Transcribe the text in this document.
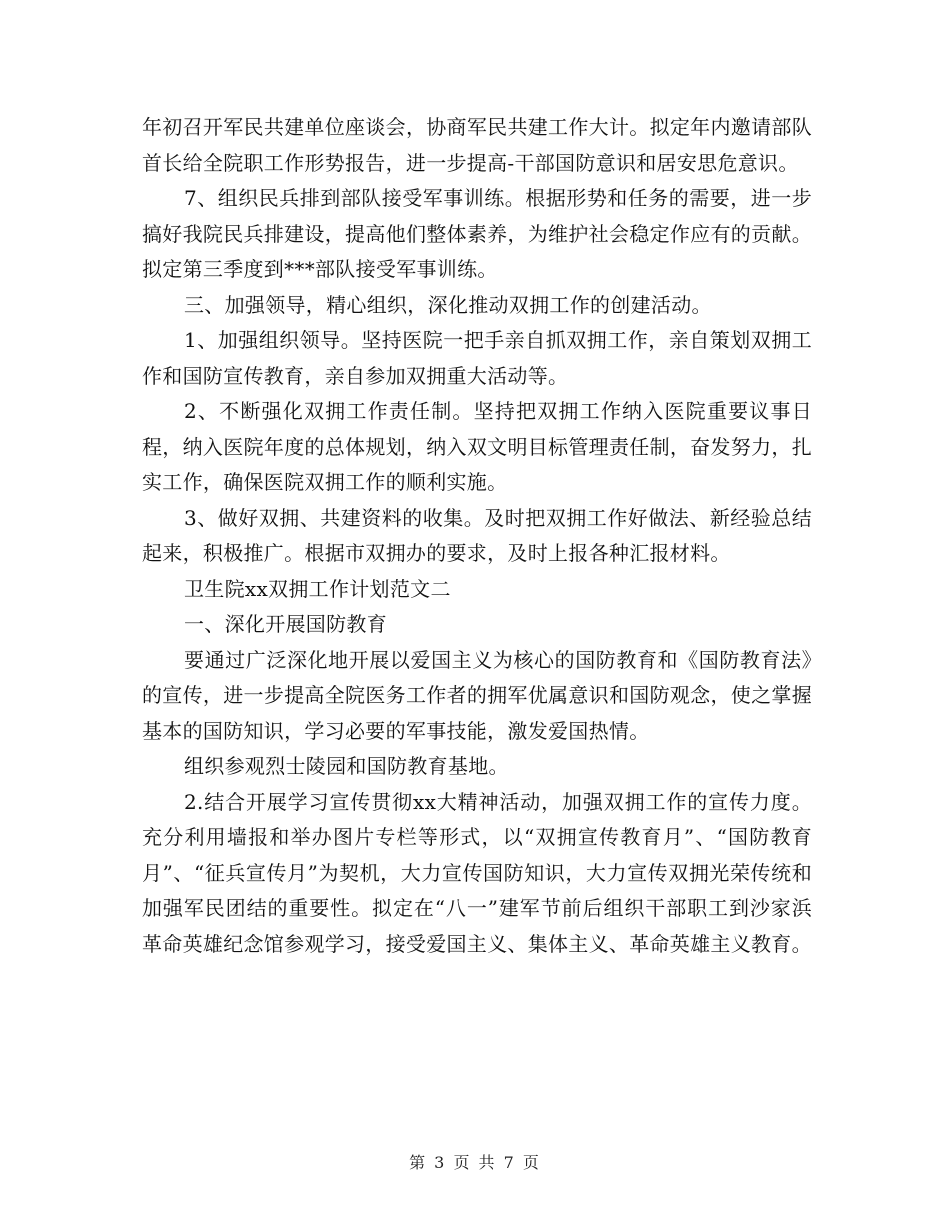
年初召开军民共建单位座谈会，协商军民共建工作大计。拟定年内邀请部队首长给全院职工作形势报告，进一步提高-干部国防意识和居安思危意识。

7、组织民兵排到部队接受军事训练。根据形势和任务的需要，进一步搞好我院民兵排建设，提高他们整体素养，为维护社会稳定作应有的贡献。拟定第三季度到***部队接受军事训练。

三、加强领导，精心组织，深化推动双拥工作的创建活动。

1、加强组织领导。坚持医院一把手亲自抓双拥工作，亲自策划双拥工作和国防宣传教育，亲自参加双拥重大活动等。

2、不断强化双拥工作责任制。坚持把双拥工作纳入医院重要议事日程，纳入医院年度的总体规划，纳入双文明目标管理责任制，奋发努力，扎实工作，确保医院双拥工作的顺利实施。

3、做好双拥、共建资料的收集。及时把双拥工作好做法、新经验总结起来，积极推广。根据市双拥办的要求，及时上报各种汇报材料。

卫生院xx双拥工作计划范文二

一、深化开展国防教育

要通过广泛深化地开展以爱国主义为核心的国防教育和《国防教育法》的宣传，进一步提高全院医务工作者的拥军优属意识和国防观念，使之掌握基本的国防知识，学习必要的军事技能，激发爱国热情。

组织参观烈士陵园和国防教育基地。

2.结合开展学习宣传贯彻xx大精神活动，加强双拥工作的宣传力度。充分利用墙报和举办图片专栏等形式，以“双拥宣传教育月”、“国防教育月”、“征兵宣传月”为契机，大力宣传国防知识，大力宣传双拥光荣传统和加强军民团结的重要性。拟定在“八一”建军节前后组织干部职工到沙家浜革命英雄纪念馆参观学习，接受爱国主义、集体主义、革命英雄主义教育。

第 3 页 共 7 页
